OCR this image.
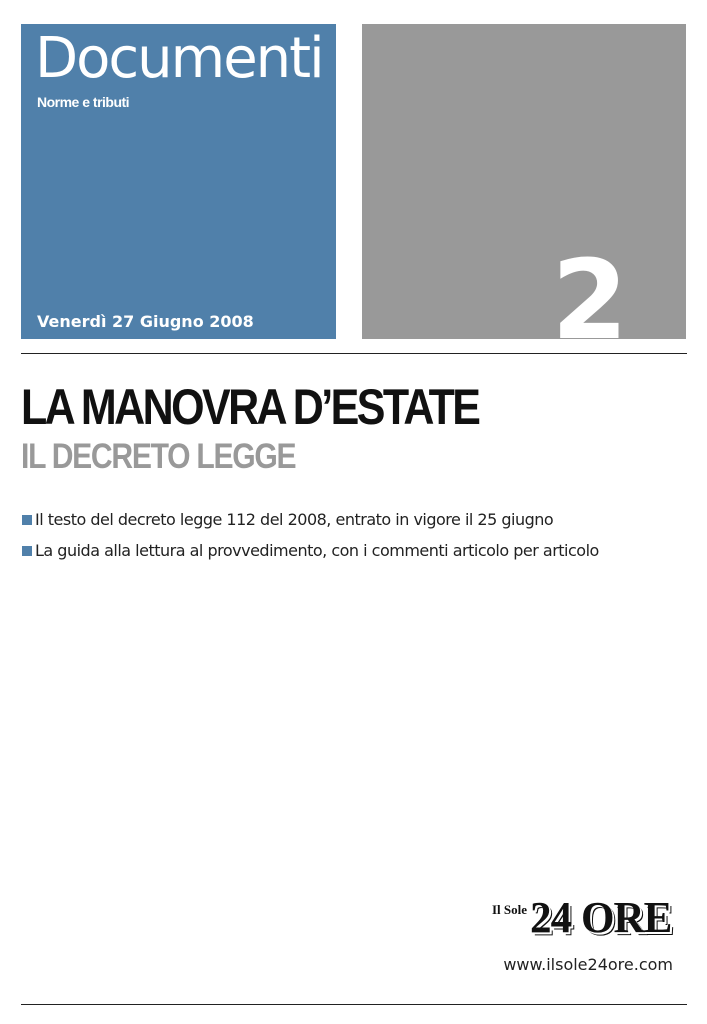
Documenti
Norme e tributi
Venerdì 27 Giugno 2008	2
LA MANOVRA D’ESTATE
IL DECRETO LEGGE
Il testo del decreto legge 112 del 2008, entrato in vigore il 25 giugno
La guida alla lettura al provvedimento, con i commenti articolo per articolo
Il Sole 24 ORE
www.ilsole24ore.com
